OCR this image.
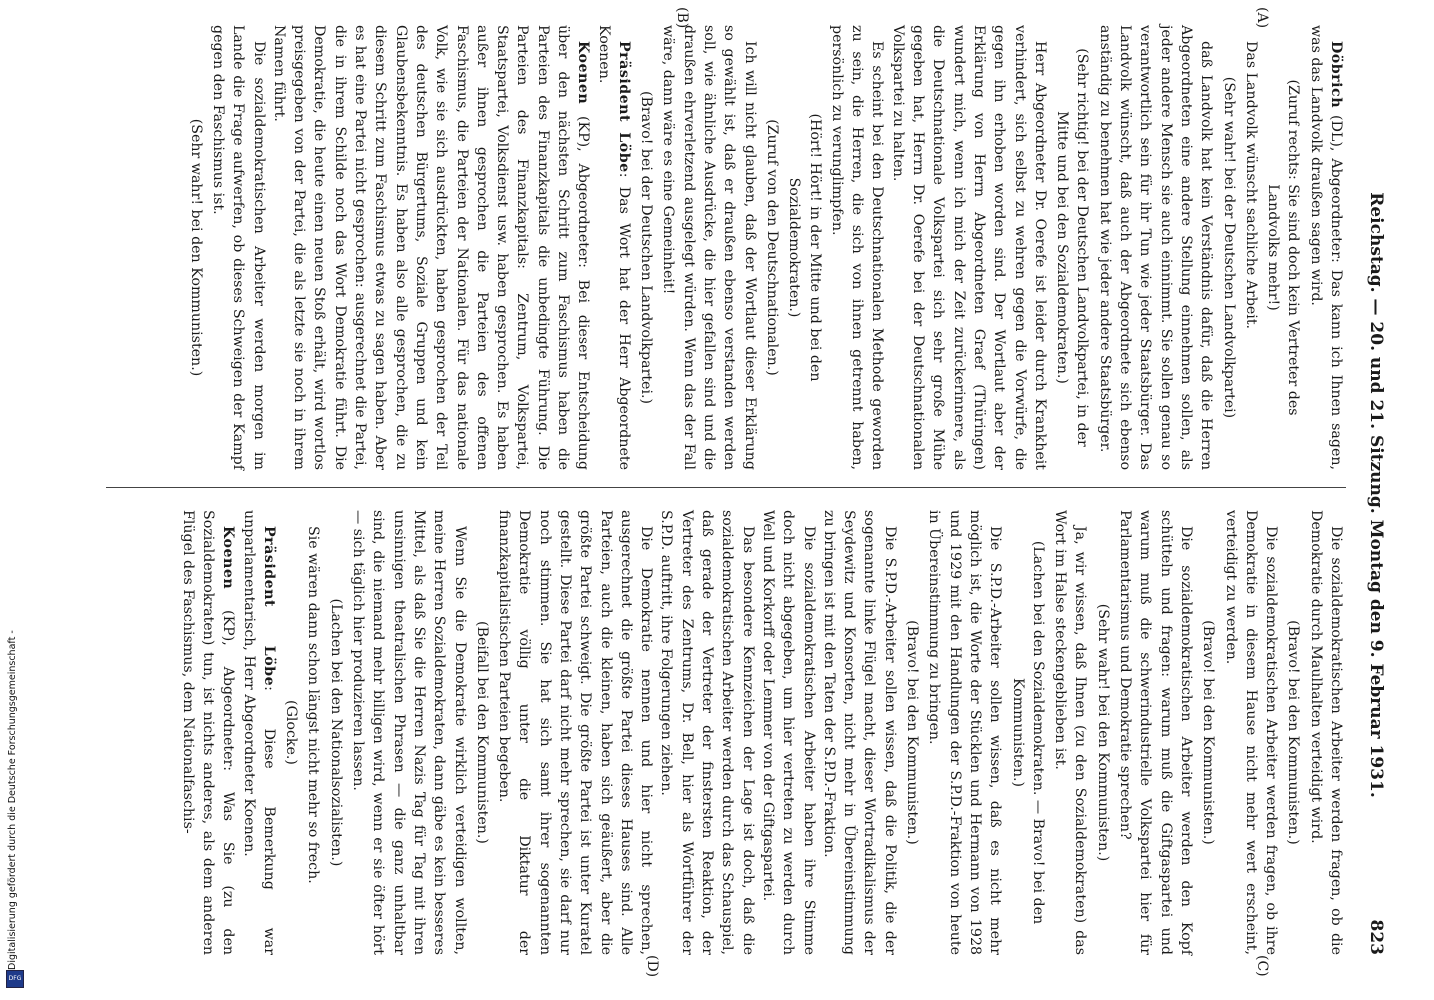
Reichstag. — 20. und 21. Sitzung. Montag den 9. Februar 1931.
823
(A)
(B)
(C)
(D)

Döbrich (DL), Abgeordneter: Das kann ich Ihnen sagen, was das Landvolk draußen sagen wird.

(Zuruf rechts: Sie sind doch kein Vertreter des Landvolks mehr!)

Das Landvolk wünscht sachliche Arbeit.

(Sehr wahr! bei der Deutschen Landvolkpartei)

daß Landvolk hat kein Verständnis dafür, daß die Herren Abgeordneten eine andere Stellung einnehmen sollen, als jeder andere Mensch sie auch einnimmt. Sie sollen genau so verantwortlich sein für ihr Tun wie jeder Staatsbürger. Das Landvolk wünscht, daß auch der Abgeordnete sich ebenso anständig zu benehmen hat wie jeder andere Staatsbürger.

(Sehr richtig! bei der Deutschen Landvolkpartei, in der Mitte und bei den Sozialdemokraten.)

Herr Abgeordneter Dr. Oerefe ist leider durch Krankheit verhindert, sich selbst zu wehren gegen die Vorwürfe, die gegen ihn erhoben worden sind. Der Wortlaut aber der Erklärung von Herrn Abgeordneten Graef (Thüringen) wundert mich, wenn ich mich der Zeit zurückerinnere, als die Deutschnationale Volkspartei sich sehr große Mühe gegeben hat, Herrn Dr. Oerefe bei der Deutschnationalen Volkspartei zu halten.

Es scheint bei den Deutschnationalen Methode geworden zu sein, die Herren, die sich von ihnen getrennt haben, persönlich zu verunglimpfen.

(Hört! Hört! in der Mitte und bei den Sozialdemokraten.)

(Zuruf von den Deutschnationalen.)

Ich will nicht glauben, daß der Wortlaut dieser Erklärung so gewählt ist, daß er draußen ebenso verstanden werden soll, wie ähnliche Ausdrücke, die hier gefallen sind und die draußen ehrverletzend ausgelegt würden. Wenn das der Fall wäre, dann wäre es eine Gemeinheit!

(Bravo! bei der Deutschen Landvolkpartei.)

Präsident Löbe: Das Wort hat der Herr Abgeordnete Koenen.

Koenen (KP), Abgeordneter: Bei dieser Entscheidung über den nächsten Schritt zum Faschismus haben die Parteien des Finanzkapitals die unbedingte Führung. Die Parteien des Finanzkapitals: Zentrum, Volkspartei, Staatspartei, Volksdienst usw. haben gesprochen. Es haben außer ihnen gesprochen die Parteien des offenen Faschismus, die Parteien der Nationalen. Für das nationale Volk, wie sie sich ausdrückten, haben gesprochen der Teil des deutschen Bürgertums, Soziale Gruppen und kein Glaubensbekenntnis. Es haben also alle gesprochen, die zu diesem Schritt zum Faschismus etwas zu sagen haben. Aber es hat eine Partei nicht gesprochen: ausgerechnet die Partei, die in ihrem Schilde noch das Wort Demokratie führt. Die Demokratie, die heute einen neuen Stoß erhält, wird wortlos preisgegeben von der Partei, die als letzte sie noch in ihrem Namen führt.

Die sozialdemokratischen Arbeiter werden morgen im Lande die Frage aufwerfen, ob dieses Schweigen der Kampf gegen den Faschismus ist.

(Sehr wahr! bei den Kommunisten.)

Die sozialdemokratischen Arbeiter werden fragen, ob die Demokratie durch Maulhalten verteidigt wird.

(Bravo! bei den Kommunisten.)

Die sozialdemokratischen Arbeiter werden fragen, ob ihre Demokratie in diesem Hause nicht mehr wert erscheint, verteidigt zu werden.

(Bravo! bei den Kommunisten.)

Die sozialdemokratischen Arbeiter werden den Kopf schütteln und fragen: warum muß die Giftgaspartei und warum muß die schwerindustrielle Volkspartei hier für Parlamentarismus und Demokratie sprechen?

(Sehr wahr! bei den Kommunisten.)

Ja, wir wissen, daß Ihnen (zu den Sozialdemokraten) das Wort im Halse steckengeblieben ist.

(Lachen bei den Sozialdemokraten. — Bravo! bei den Kommunisten.)

Die S.P.D.-Arbeiter sollen wissen, daß es nicht mehr möglich ist, die Worte der Stücklen und Hermann von 1928 und 1929 mit den Handlungen der S.P.D.-Fraktion von heute in Übereinstimmung zu bringen.

(Bravo! bei den Kommunisten.)

Die S.P.D.-Arbeiter sollen wissen, daß die Politik, die der sogenannte linke Flügel macht, dieser Wortradikalismus der Seydewitz und Konsorten, nicht mehr in Übereinstimmung zu bringen ist mit den Taten der S.P.D.-Fraktion.

Die sozialdemokratischen Arbeiter haben ihre Stimme doch nicht abgegeben, um hier vertreten zu werden durch Well und Korkorff oder Lemmer von der Giftgaspartei.

Das besondere Kennzeichen der Lage ist doch, daß die sozialdemokratischen Arbeiter werden durch das Schauspiel, daß gerade der Vertreter der finstersten Reaktion, der Vertreter des Zentrums, Dr. Bell, hier als Wortführer der S.P.D. auftritt, ihre Folgerungen ziehen.

Die Demokratie nennen und hier nicht sprechen, ausgerechnet die größte Partei dieses Hauses sind. Alle Parteien, auch die kleinen, haben sich geäußert, aber die größte Partei schweigt. Die größte Partei ist unter Kuratel gestellt. Diese Partei darf nicht mehr sprechen, sie darf nur noch stimmen. Sie hat sich samt ihrer sogenannten Demokratie völlig unter die Diktatur der finanzkapitalistischen Parteien begeben.

(Beifall bei den Kommunisten.)

Wenn Sie die Demokratie wirklich verteidigen wollten, meine Herren Sozialdemokraten, dann gäbe es kein besseres Mittel, als daß Sie die Herren Nazis Tag für Tag mit ihren unsinnigen theatralischen Phrasen — die ganz unhaltbar sind, die niemand mehr billigen wird, wenn er sie öfter hört — sich täglich hier produzieren lassen.

(Lachen bei den Nationalsozialisten.)

Sie wären dann schon längst nicht mehr so frech.

(Glocke.)

Präsident Löbe: Diese Bemerkung war unparlamentarisch, Herr Abgeordneter Koenen.

Koenen (KP), Abgeordneter: Was Sie (zu den Sozialdemokraten) tun, ist nichts anderes, als dem anderen Flügel des Faschismus, dem Nationalfaschis-

Digitalisierung gefördert durch die Deutsche Forschungsgemeinschaft -
DFG
